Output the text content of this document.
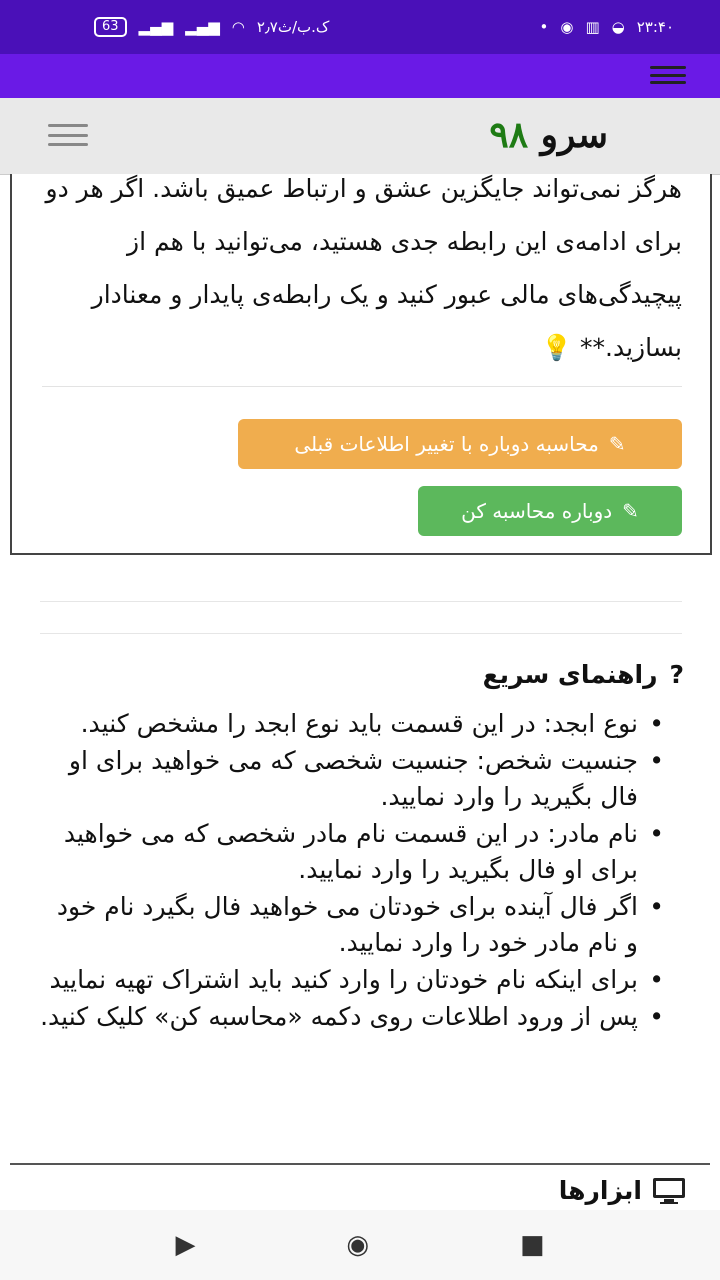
63	▂▄▆ ▂▄▆ ◠ ۲٫۷ک.ب/ث	• ◉ ▥ ◒ ۲۳:۴۰
سرو ۹۸

هرگز نمی‌تواند جایگزین عشق و ارتباط عمیق باشد. اگر هر دو برای ادامه‌ی این رابطه جدی هستید، می‌توانید با هم از پیچیدگی‌های مالی عبور کنید و یک رابطه‌ی پایدار و معنادار بسازید.** 💡

✎
محاسبه دوباره با تغییر اطلاعات قبلی
✎
دوباره محاسبه کن
?
راهنمای سریع
• نوع ابجد: در این قسمت باید نوع ابجد را مشخص کنید.
• جنسیت شخص: جنسیت شخصی که می خواهید برای او فال بگیرید را وارد نمایید.
• نام مادر: در این قسمت نام مادر شخصی که می خواهید برای او فال بگیرید را وارد نمایید.
• اگر فال آینده برای خودتان می خواهید فال بگیرد نام خود و نام مادر خود را وارد نمایید.
• برای اینکه نام خودتان را وارد کنید باید اشتراک تهیه نمایید
• پس از ورود اطلاعات روی دکمه «محاسبه کن» کلیک کنید.
ابزارها
▶	◉	■
